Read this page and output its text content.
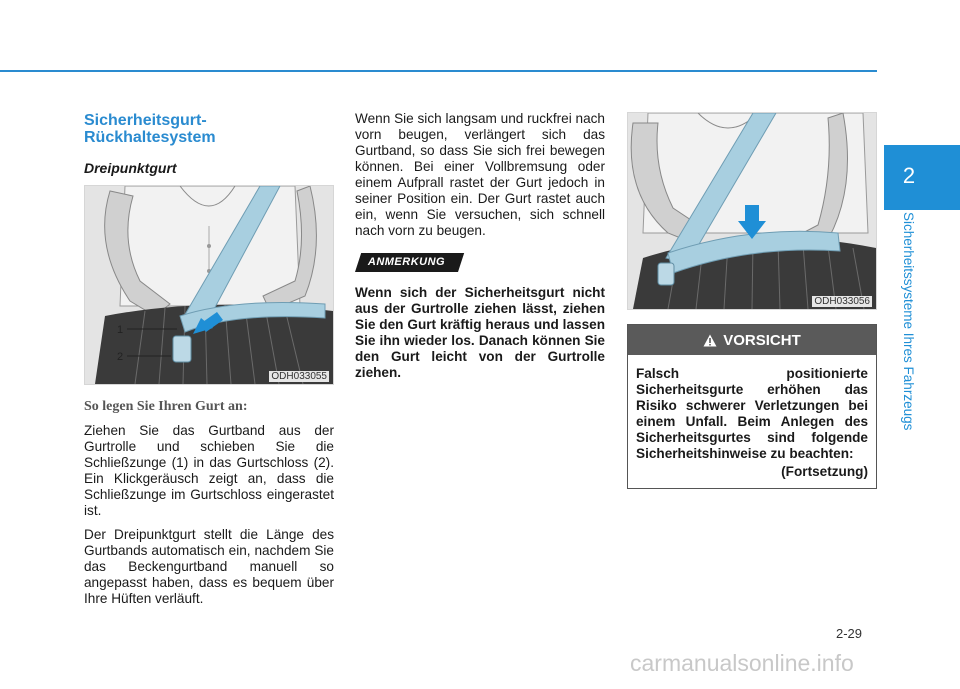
2
Sicherheitssysteme Ihres Fahrzeugs
Sicherheitsgurt-
Rückhaltesystem
Dreipunktgurt
1
2
ODH033055
So legen Sie Ihren Gurt an:

Ziehen Sie das Gurtband aus der Gurtrolle und schieben Sie die Schließzunge (1) in das Gurtschloss (2). Ein Klickgeräusch zeigt an, dass die Schließzunge im Gurtschloss eingerastet ist.

Der Dreipunktgurt stellt die Länge des Gurtbands automatisch ein, nachdem Sie das Beckengurtband manuell so angepasst haben, dass es bequem über Ihre Hüften verläuft.

Wenn Sie sich langsam und ruckfrei nach vorn beugen, verlängert sich das Gurtband, so dass Sie sich frei bewegen können. Bei einer Vollbremsung oder einem Aufprall rastet der Gurt jedoch in seiner Position ein. Der Gurt rastet auch ein, wenn Sie versuchen, sich schnell nach vorn zu beugen.

ANMERKUNG

Wenn sich der Sicherheitsgurt nicht aus der Gurtrolle ziehen lässt, ziehen Sie den Gurt kräftig heraus und lassen Sie ihn wieder los. Danach können Sie den Gurt leicht von der Gurtrolle ziehen.

ODH033056
VORSICHT

Falsch positionierte Sicherheitsgurte erhöhen das Risiko schwerer Verletzungen bei einem Unfall. Beim Anlegen des Sicherheitsgurtes sind folgende Sicherheitshinweise zu beachten:

(Fortsetzung)
2-29
carmanualsonline.info
